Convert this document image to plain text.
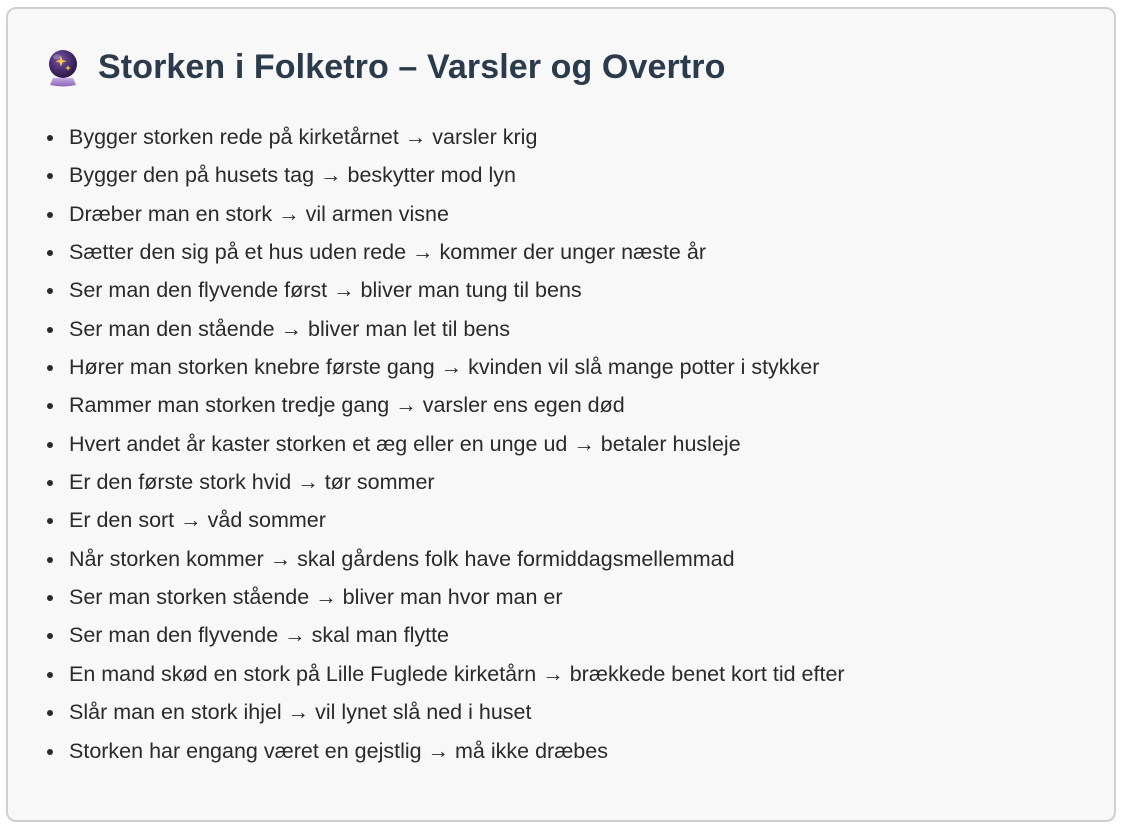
Storken i Folketro – Varsler og Overtro
Bygger storken rede på kirketårnet → varsler krig
Bygger den på husets tag → beskytter mod lyn
Dræber man en stork → vil armen visne
Sætter den sig på et hus uden rede → kommer der unger næste år
Ser man den flyvende først → bliver man tung til bens
Ser man den stående → bliver man let til bens
Hører man storken knebre første gang → kvinden vil slå mange potter i stykker
Rammer man storken tredje gang → varsler ens egen død
Hvert andet år kaster storken et æg eller en unge ud → betaler husleje
Er den første stork hvid → tør sommer
Er den sort → våd sommer
Når storken kommer → skal gårdens folk have formiddagsmellemmad
Ser man storken stående → bliver man hvor man er
Ser man den flyvende → skal man flytte
En mand skød en stork på Lille Fuglede kirketårn → brækkede benet kort tid efter
Slår man en stork ihjel → vil lynet slå ned i huset
Storken har engang været en gejstlig → må ikke dræbes
